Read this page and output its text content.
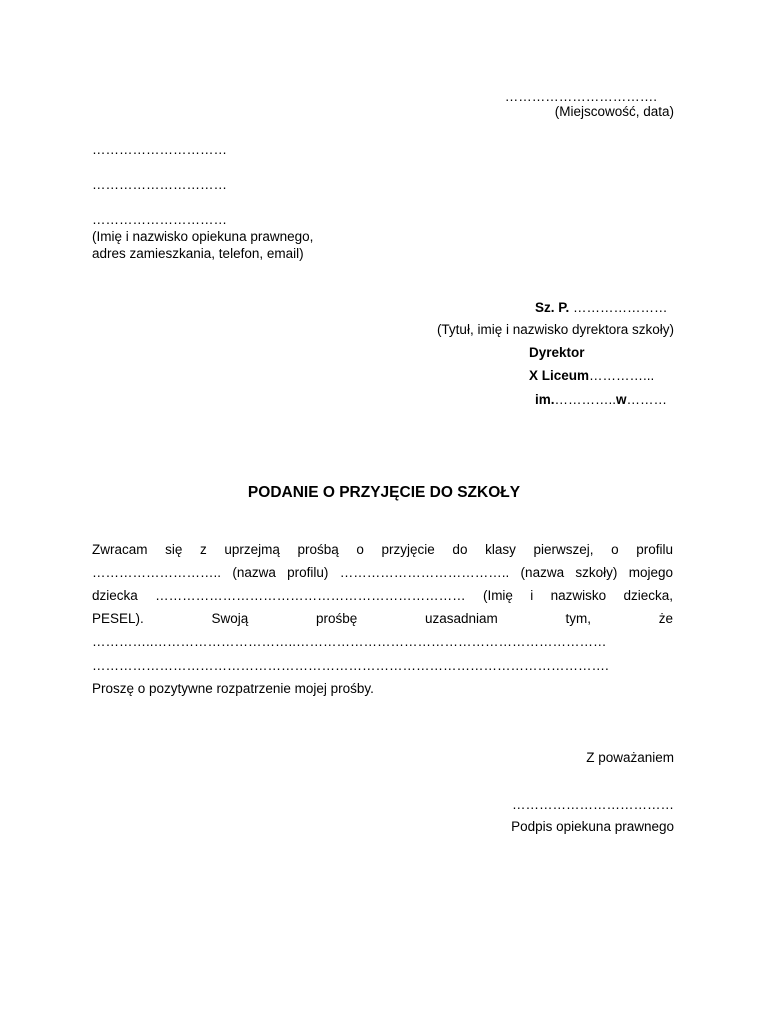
…………………………….
(Miejscowość, data)
…………………………
…………………………
…………………………
(Imię i nazwisko opiekuna prawnego,
adres zamieszkania, telefon, email)
Sz. P. …………………
(Tytuł, imię i nazwisko dyrektora szkoły)
Dyrektor
X Liceum…………...
im.…………..w………
PODANIE O PRZYJĘCIE DO SZKOŁY
Zwracam się z uprzejmą prośbą o przyjęcie do klasy pierwszej, o profilu
……………………….. (nazwa profilu) ……………………………….. (nazwa szkoły) mojego
dziecka …………………………………………………………… (Imię i nazwisko dziecka,
PESEL). Swoją prośbę uzasadniam tym, że
…………..…………………………..……………………………………………………………
…………………………………………………………………………………………………….
Proszę o pozytywne rozpatrzenie mojej prośby.
Z poważaniem
………………………………
Podpis opiekuna prawnego
